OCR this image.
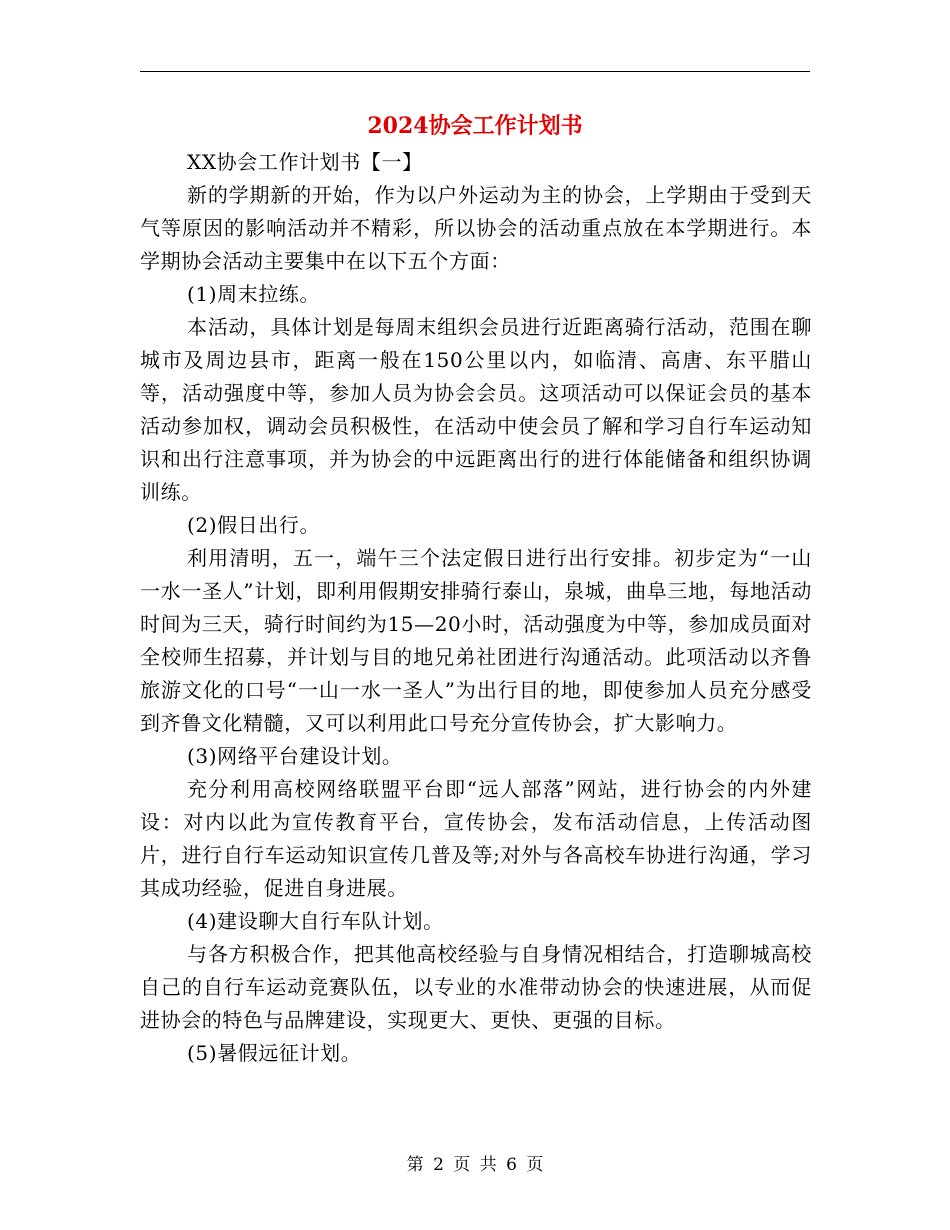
2024协会工作计划书

XX协会工作计划书【一】

新的学期新的开始，作为以户外运动为主的协会，上学期由于受到天气等原因的影响活动并不精彩，所以协会的活动重点放在本学期进行。本学期协会活动主要集中在以下五个方面：

(1)周末拉练。

本活动，具体计划是每周末组织会员进行近距离骑行活动，范围在聊城市及周边县市，距离一般在150公里以内，如临清、高唐、东平腊山等，活动强度中等，参加人员为协会会员。这项活动可以保证会员的基本活动参加权，调动会员积极性，在活动中使会员了解和学习自行车运动知识和出行注意事项，并为协会的中远距离出行的进行体能储备和组织协调训练。

(2)假日出行。

利用清明，五一，端午三个法定假日进行出行安排。初步定为“一山一水一圣人”计划，即利用假期安排骑行泰山，泉城，曲阜三地，每地活动时间为三天，骑行时间约为15—20小时，活动强度为中等，参加成员面对全校师生招募，并计划与目的地兄弟社团进行沟通活动。此项活动以齐鲁旅游文化的口号“一山一水一圣人”为出行目的地，即使参加人员充分感受到齐鲁文化精髓，又可以利用此口号充分宣传协会，扩大影响力。

(3)网络平台建设计划。

充分利用高校网络联盟平台即“远人部落”网站，进行协会的内外建设：对内以此为宣传教育平台，宣传协会，发布活动信息，上传活动图片，进行自行车运动知识宣传几普及等;对外与各高校车协进行沟通，学习其成功经验，促进自身进展。

(4)建设聊大自行车队计划。

与各方积极合作，把其他高校经验与自身情况相结合，打造聊城高校自己的自行车运动竞赛队伍，以专业的水准带动协会的快速进展，从而促进协会的特色与品牌建设，实现更大、更快、更强的目标。

(5)暑假远征计划。

第 2 页 共 6 页
